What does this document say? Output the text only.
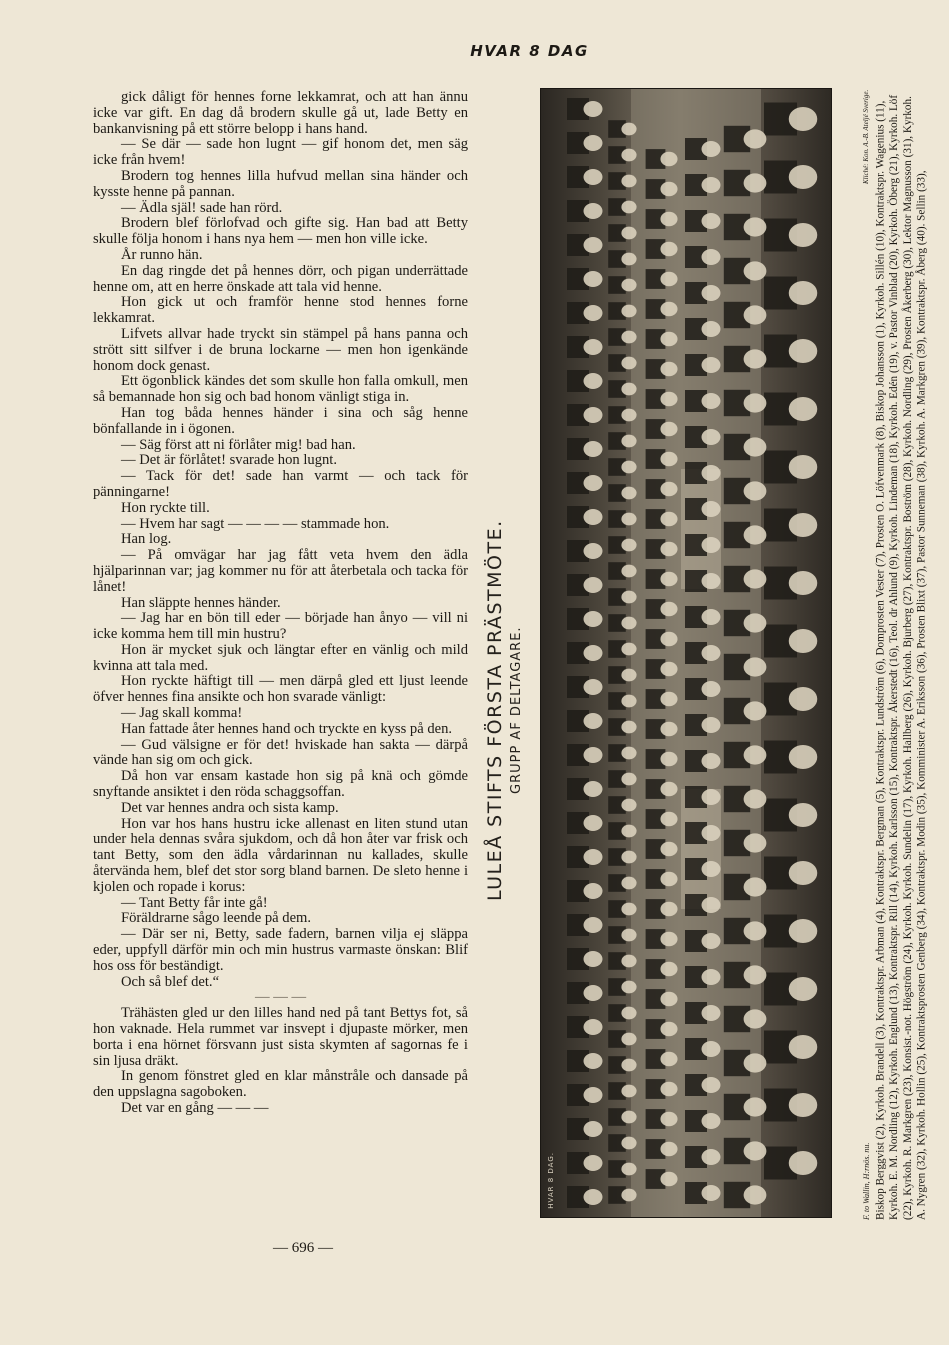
HVAR 8 DAG

gick dåligt för hennes forne lekkamrat, och att han ännu icke var gift. En dag då brodern skulle gå ut, lade Betty en bankanvisning på ett större belopp i hans hand.

— Se där — sade hon lugnt — gif honom det, men säg icke från hvem!

Brodern tog hennes lilla hufvud mellan sina händer och kysste henne på pannan.

— Ädla själ! sade han rörd.

Brodern blef förlofvad och gifte sig. Han bad att Betty skulle följa honom i hans nya hem — men hon ville icke.

År runno hän.

En dag ringde det på hennes dörr, och pigan underrättade henne om, att en herre önskade att tala vid henne.

Hon gick ut och framför henne stod hennes forne lekkamrat.

Lifvets allvar hade tryckt sin stämpel på hans panna och strött sitt silfver i de bruna lockarne — men hon igenkände honom dock genast.

Ett ögonblick kändes det som skulle hon falla omkull, men så bemannade hon sig och bad honom vänligt stiga in.

Han tog båda hennes händer i sina och såg henne bönfallande in i ögonen.

— Säg först att ni förlåter mig! bad han.

— Det är förlåtet! svarade hon lugnt.

— Tack för det! sade han varmt — och tack för pänningarne!

Hon ryckte till.

— Hvem har sagt — — — — stammade hon.

Han log.

— På omvägar har jag fått veta hvem den ädla hjälparinnan var; jag kommer nu för att återbetala och tacka för lånet!

Han släppte hennes händer.

— Jag har en bön till eder — började han ånyo — vill ni icke komma hem till min hustru?

Hon är mycket sjuk och längtar efter en vänlig och mild kvinna att tala med.

Hon ryckte häftigt till — men därpå gled ett ljust leende öfver hennes fina ansikte och hon svarade vänligt:

— Jag skall komma!

Han fattade åter hennes hand och tryckte en kyss på den.

— Gud välsigne er för det! hviskade han sakta — därpå vände han sig om och gick.

Då hon var ensam kastade hon sig på knä och gömde snyftande ansiktet i den röda schaggsoffan.

Det var hennes andra och sista kamp.

Hon var hos hans hustru icke allenast en liten stund utan under hela dennas svåra sjukdom, och då hon åter var frisk och tant Betty, som den ädla vårdarinnan nu kallades, skulle återvända hem, blef det stor sorg bland barnen. De sleto henne i kjolen och ropade i korus:

— Tant Betty får inte gå!

Föräldrarne sågo leende på dem.

— Där ser ni, Betty, sade fadern, barnen vilja ej släppa eder, uppfyll därför min och min hustrus varmaste önskan: Blif hos oss för beständigt.

Och så blef det.“

— — —

Trähästen gled ur den lilles hand ned på tant Bettys fot, så hon vaknade. Hela rummet var insvept i djupaste mörker, men borta i ena hörnet försvann just sista skymten af sagornas fe i sin ljusa dräkt.

In genom fönstret gled en klar månstråle och dansade på den uppslagna sagoboken.

Det var en gång — — —

— 696 —
HVAR 8 DAG.
LULEÅ STIFTS FÖRSTA PRÄSTMÖTE. GRUPP AF DELTAGARE.
F. to Wallin, H:rnös. nu.
Kliché: Kon. A.-B. Ateljé Sverige. Biskop Berggvist (2), Kyrkoh. Brandell (3), Kontraktspr. Arbman (4), Kontraktspr. Bergman (5), Kontraktspr. Lundström (6), Domprosten Vester (7), Prosten O. Löfvenmark (8), Biskop Johansson (1), Kyrkoh. Sillén (10), Kontraktspr. Wagenius (11), Kyrkoh. E. M. Nordling (12), Kyrkoh. Englund (13), Kontraktspr. Rill (14), Kyrkoh. Karlsson (15), Kontraktspr. Åkerstedt (16), Teol. dr Ahlund (9), Kyrkoh. Lindeman (18), Kyrkoh. Edén (19), v. Pastor Vinblad (20), Kyrkoh. Öberg (21), Kyrkoh. Löf (22), Kyrkoh. R. Markgren (23), Konsist.-not. Högström (24), Kyrkoh. Kyrkoh. Sundelin (17), Kyrkoh. Hallberg (26), Kyrkoh. Bjurberg (27), Kontraktspr. Boström (28), Kyrkoh. Nordling (29), Prosten Åkerberg (30), Lektor Magnusson (31), Kyrkoh. A. Nygren (32), Kyrkoh. Hollin (25), Kontraktsprosten Genberg (34), Kontraktspr. Modin (35), Komminister A. Eriksson (36), Prosten Blixt (37), Pastor Sunneman (38), Kyrkoh. A. Markgren (39), Kontraktspr. Åberg (40). Sellin (33),
